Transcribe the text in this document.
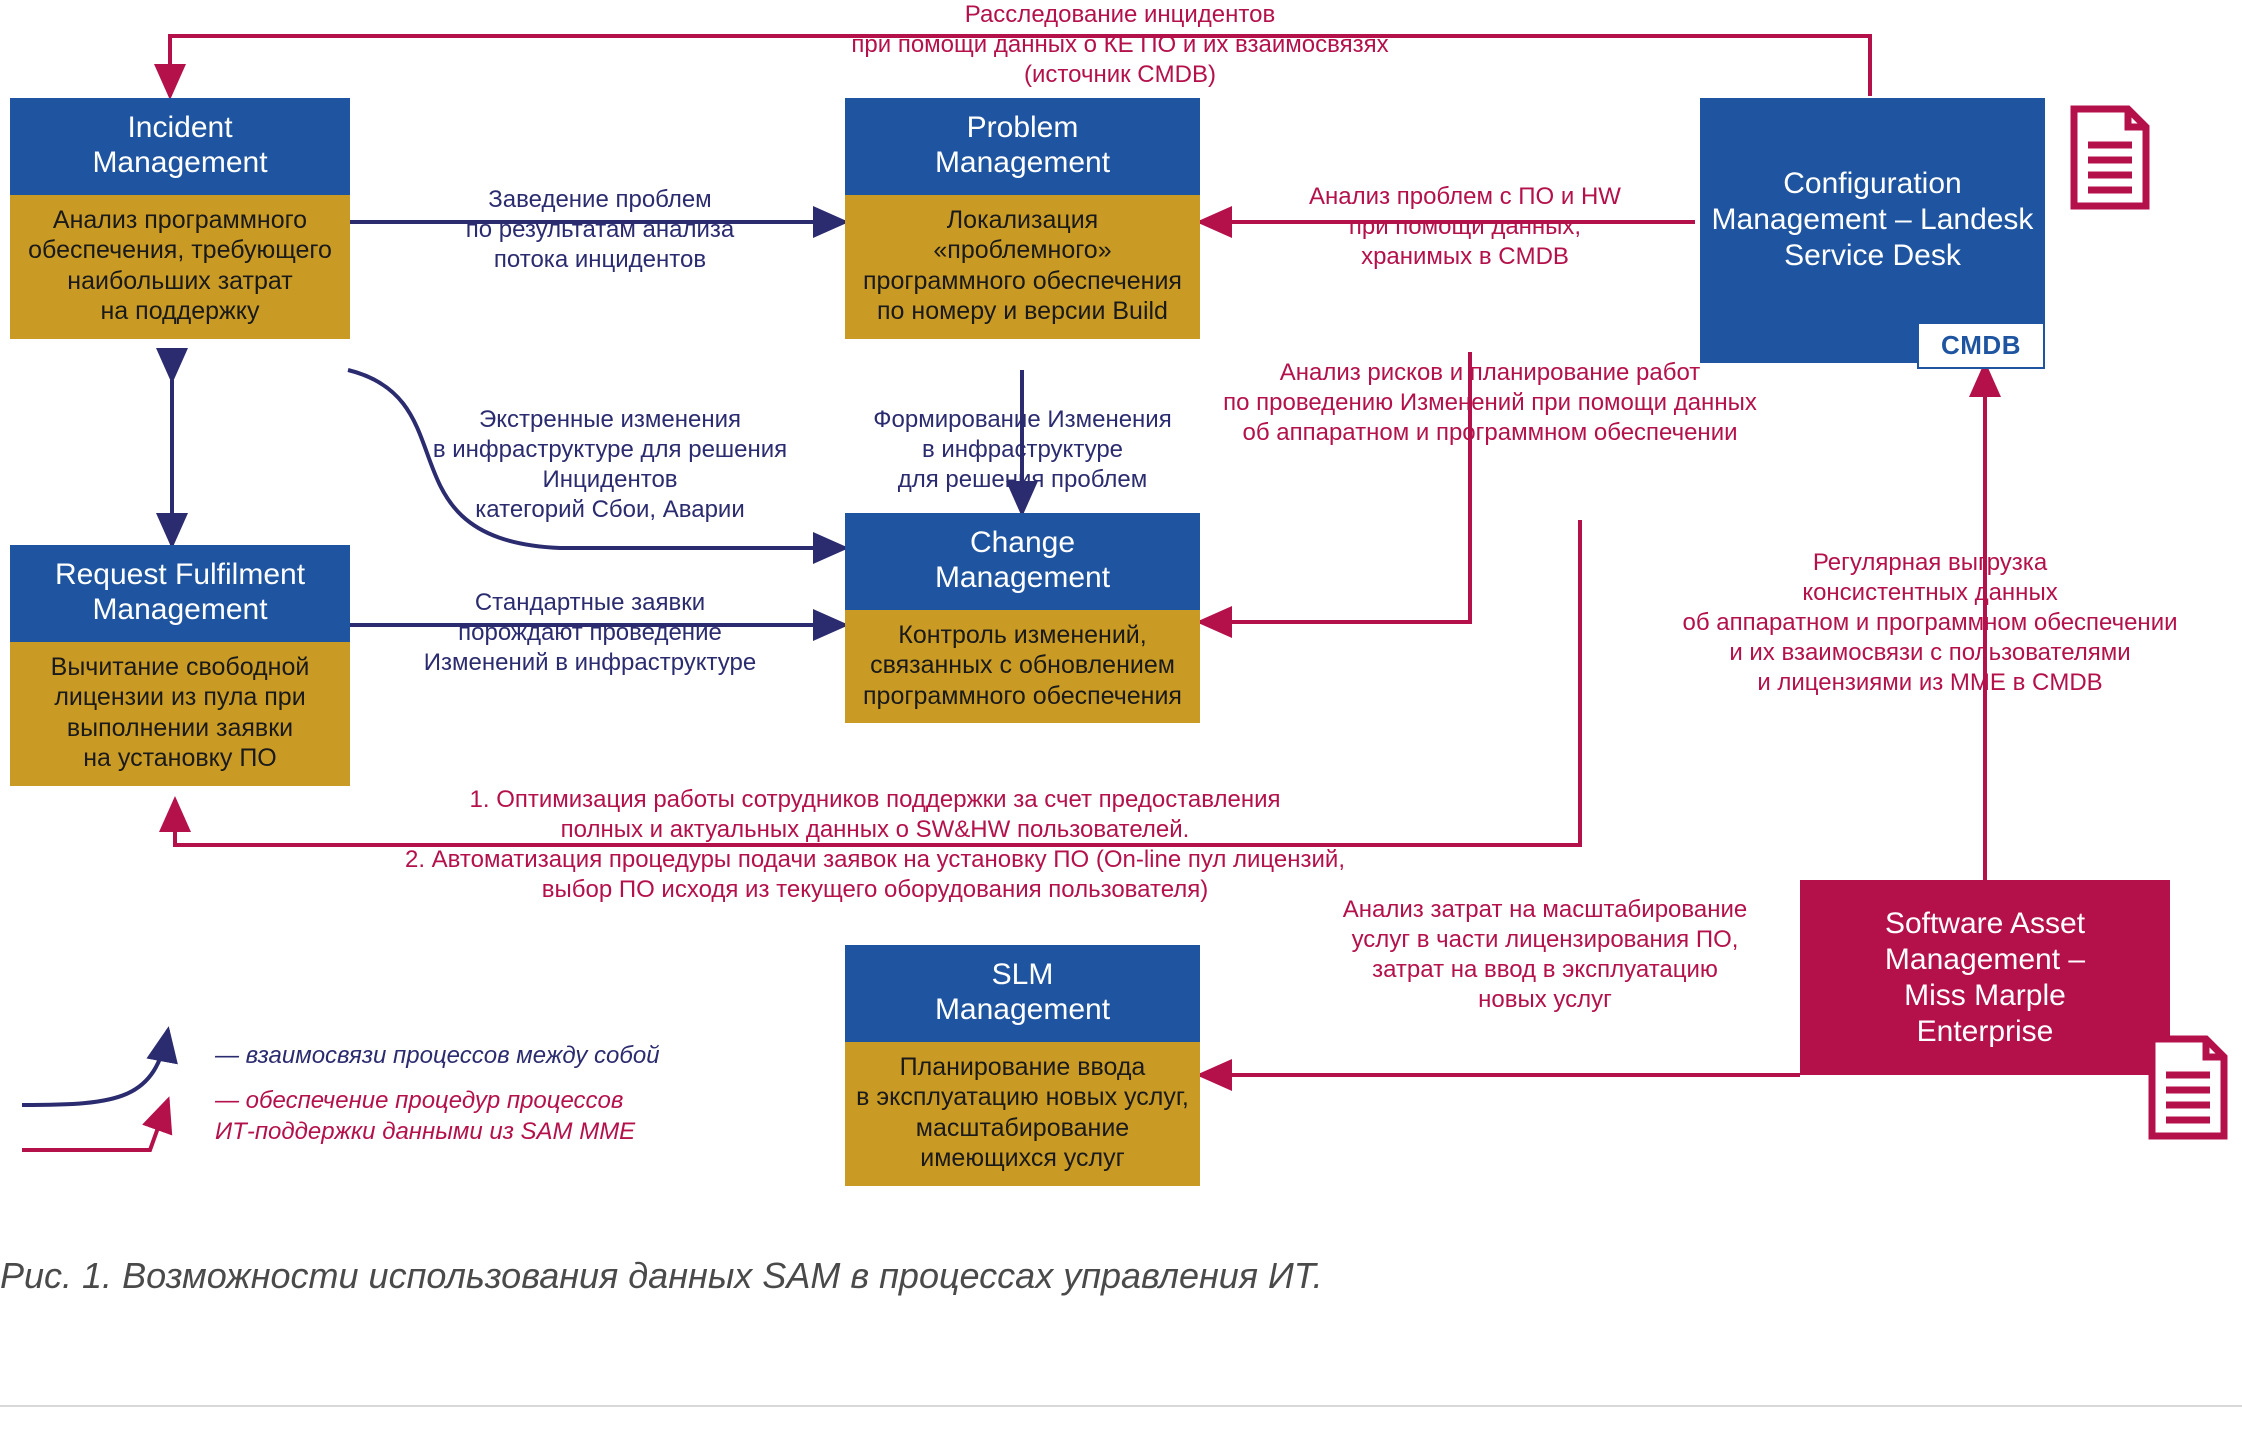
Incident
Management
Анализ программного
обеспечения, требующего
наибольших затрат
на поддержку
Problem
Management
Локализация
«проблемного»
программного обеспечения
по номеру и версии Build
Configuration
Management – Landesk
Service Desk
CMDB
Request Fulfilment
Management
Вычитание свободной
лицензии из пула при
выполнении заявки
на установку ПО
Change
Management
Контроль изменений,
связанных с обновлением
программного обеспечения
SLM
Management
Планирование ввода
в эксплуатацию новых услуг,
масштабирование
имеющихся услуг
Software Asset
Management –
Miss Marple
Enterprise
Расследование инцидентов
при помощи данных о КЕ ПО и их взаимосвязях
(источник CMDB)
Заведение проблем
по результатам анализа
потока инцидентов
Анализ проблем с ПО и HW
при помощи данных,
хранимых в CMDB
Экстренные изменения
в инфраструктуре для решения Инцидентов
категорий Сбои, Аварии
Формирование Изменения
в инфраструктуре
для решения проблем
Анализ рисков и планирование работ
по проведению Изменений при помощи данных
об аппаратном и программном обеспечении
Стандартные заявки
порождают проведение
Изменений в инфраструктуре
Регулярная выгрузка
консистентных данных
об аппаратном и программном обеспечении
и их взаимосвязи с пользователями
и лицензиями из MME в CMDB
1. Оптимизация работы сотрудников поддержки за счет предоставления
полных и актуальных данных о SW&HW пользователей.
2. Автоматизация процедуры подачи заявок на установку ПО (On-line пул лицензий,
выбор ПО исходя из текущего оборудования пользователя)
Анализ затрат на масштабирование
услуг в части лицензирования ПО,
затрат на ввод в эксплуатацию
новых услуг
— взаимосвязи процессов между собой
— обеспечение процедур процессов
ИТ-поддержки данными из SAM MME
Рис. 1. Возможности использования данных SAM в процессах управления ИТ.
